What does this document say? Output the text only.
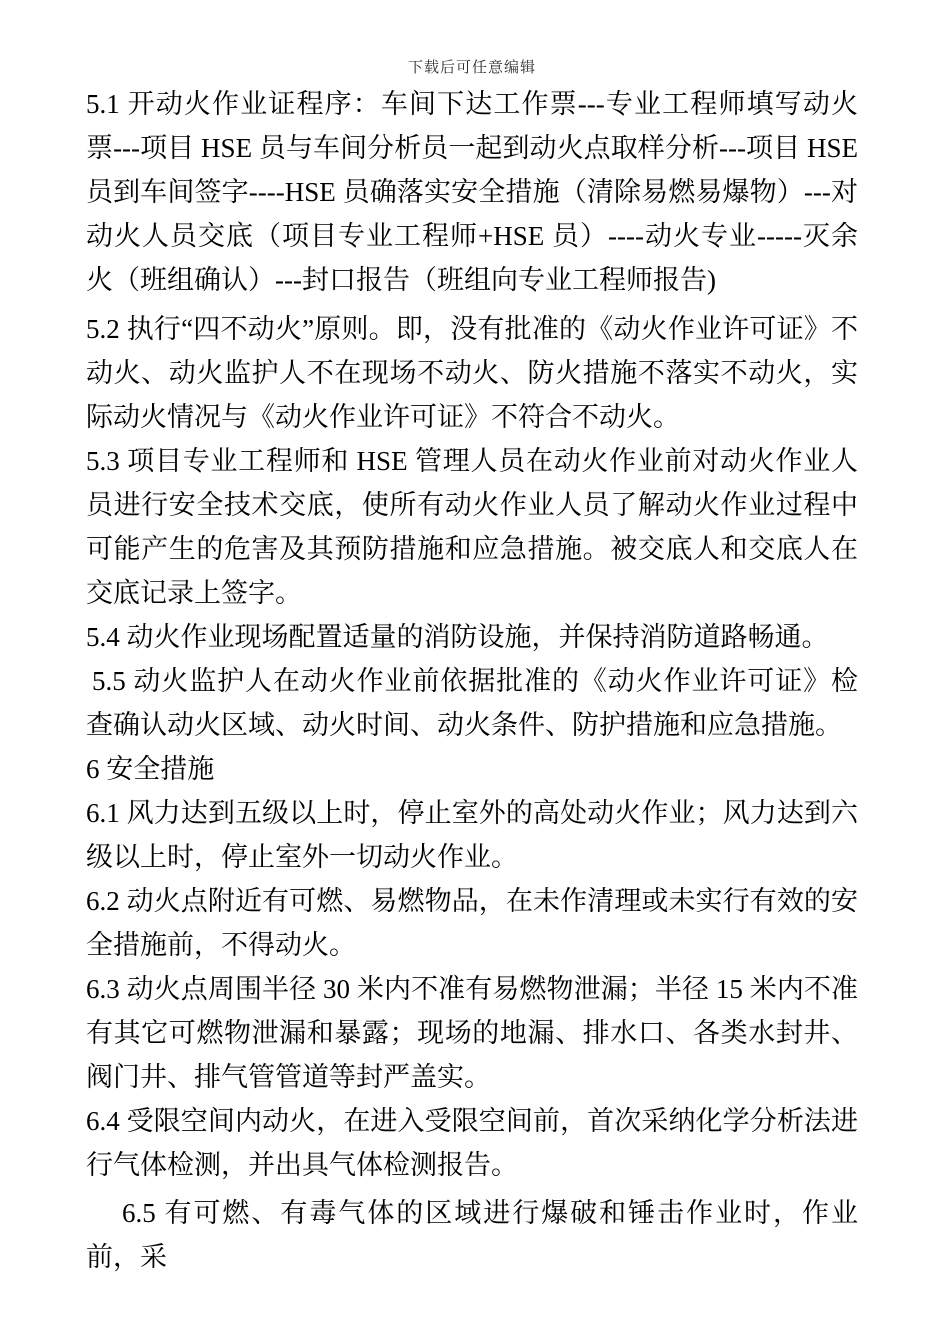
下载后可任意编辑

5.1 开动火作业证程序：车间下达工作票---专业工程师填写动火票---项目 HSE 员与车间分析员一起到动火点取样分析---项目 HSE 员到车间签字----HSE 员确落实安全措施（清除易燃易爆物）---对动火人员交底（项目专业工程师+HSE 员）----动火专业-----灭余火（班组确认）---封口报告（班组向专业工程师报告)

5.2 执行“四不动火”原则。即，没有批准的《动火作业许可证》不动火、动火监护人不在现场不动火、防火措施不落实不动火，实际动火情况与《动火作业许可证》不符合不动火。

5.3 项目专业工程师和 HSE 管理人员在动火作业前对动火作业人员进行安全技术交底，使所有动火作业人员了解动火作业过程中可能产生的危害及其预防措施和应急措施。被交底人和交底人在交底记录上签字。

5.4 动火作业现场配置适量的消防设施，并保持消防道路畅通。

5.5 动火监护人在动火作业前依据批准的《动火作业许可证》检查确认动火区域、动火时间、动火条件、防护措施和应急措施。

6 安全措施

6.1 风力达到五级以上时，停止室外的高处动火作业；风力达到六级以上时，停止室外一切动火作业。

6.2 动火点附近有可燃、易燃物品，在未作清理或未实行有效的安全措施前，不得动火。

6.3 动火点周围半径 30 米内不准有易燃物泄漏；半径 15 米内不准有其它可燃物泄漏和暴露；现场的地漏、排水口、各类水封井、阀门井、排气管管道等封严盖实。

6.4 受限空间内动火，在进入受限空间前，首次采纳化学分析法进行气体检测，并出具气体检测报告。

6.5 有可燃、有毒气体的区域进行爆破和锤击作业时，作业前，采
